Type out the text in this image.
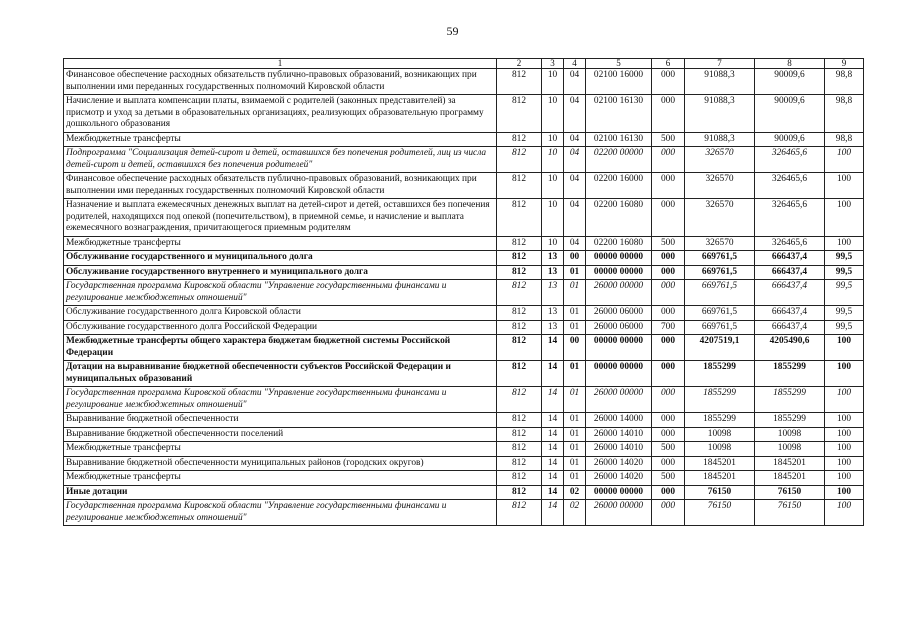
59
1	2	3	4	5	6	7	8	9
Финансовое обеспечение расходных обязательств публично-правовых образований, возникающих при выполнении ими переданных государственных полномочий Кировской области	812	10	04	02100 16000	000	91088,3	90009,6	98,8
Начисление и выплата компенсации платы, взимаемой с родителей (законных представителей) за присмотр и уход за детьми в образовательных организациях, реализующих образовательную программу дошкольного образования	812	10	04	02100 16130	000	91088,3	90009,6	98,8
Межбюджетные трансферты	812	10	04	02100 16130	500	91088,3	90009,6	98,8
Подпрограмма "Социализация детей-сирот и детей, оставшихся без попечения родителей, лиц из числа детей-сирот и детей, оставшихся без попечения родителей"	812	10	04	02200 00000	000	326570	326465,6	100
Финансовое обеспечение расходных обязательств публично-правовых образований, возникающих при выполнении ими переданных государственных полномочий Кировской области	812	10	04	02200 16000	000	326570	326465,6	100
Назначение и выплата ежемесячных денежных выплат на детей-сирот и детей, оставшихся без попечения родителей, находящихся под опекой (попечительством), в приемной семье, и начисление и выплата ежемесячного вознаграждения, причитающегося приемным родителям	812	10	04	02200 16080	000	326570	326465,6	100
Межбюджетные трансферты	812	10	04	02200 16080	500	326570	326465,6	100
Обслуживание государственного и муниципального долга	812	13	00	00000 00000	000	669761,5	666437,4	99,5
Обслуживание государственного внутреннего и муниципального долга	812	13	01	00000 00000	000	669761,5	666437,4	99,5
Государственная программа Кировской области "Управление государственными финансами и регулирование межбюджетных отношений"	812	13	01	26000 00000	000	669761,5	666437,4	99,5
Обслуживание государственного долга Кировской области	812	13	01	26000 06000	000	669761,5	666437,4	99,5
Обслуживание государственного долга Российской Федерации	812	13	01	26000 06000	700	669761,5	666437,4	99,5
Межбюджетные трансферты общего характера бюджетам бюджетной системы Российской Федерации	812	14	00	00000 00000	000	4207519,1	4205490,6	100
Дотации на выравнивание бюджетной обеспеченности субъектов Российской Федерации и муниципальных образований	812	14	01	00000 00000	000	1855299	1855299	100
Государственная программа Кировской области "Управление государственными финансами и регулирование межбюджетных отношений"	812	14	01	26000 00000	000	1855299	1855299	100
Выравнивание бюджетной обеспеченности	812	14	01	26000 14000	000	1855299	1855299	100
Выравнивание бюджетной обеспеченности поселений	812	14	01	26000 14010	000	10098	10098	100
Межбюджетные трансферты	812	14	01	26000 14010	500	10098	10098	100
Выравнивание бюджетной обеспеченности муниципальных районов (городских округов)	812	14	01	26000 14020	000	1845201	1845201	100
Межбюджетные трансферты	812	14	01	26000 14020	500	1845201	1845201	100
Иные дотации	812	14	02	00000 00000	000	76150	76150	100
Государственная программа Кировской области "Управление государственными финансами и регулирование межбюджетных отношений"	812	14	02	26000 00000	000	76150	76150	100
